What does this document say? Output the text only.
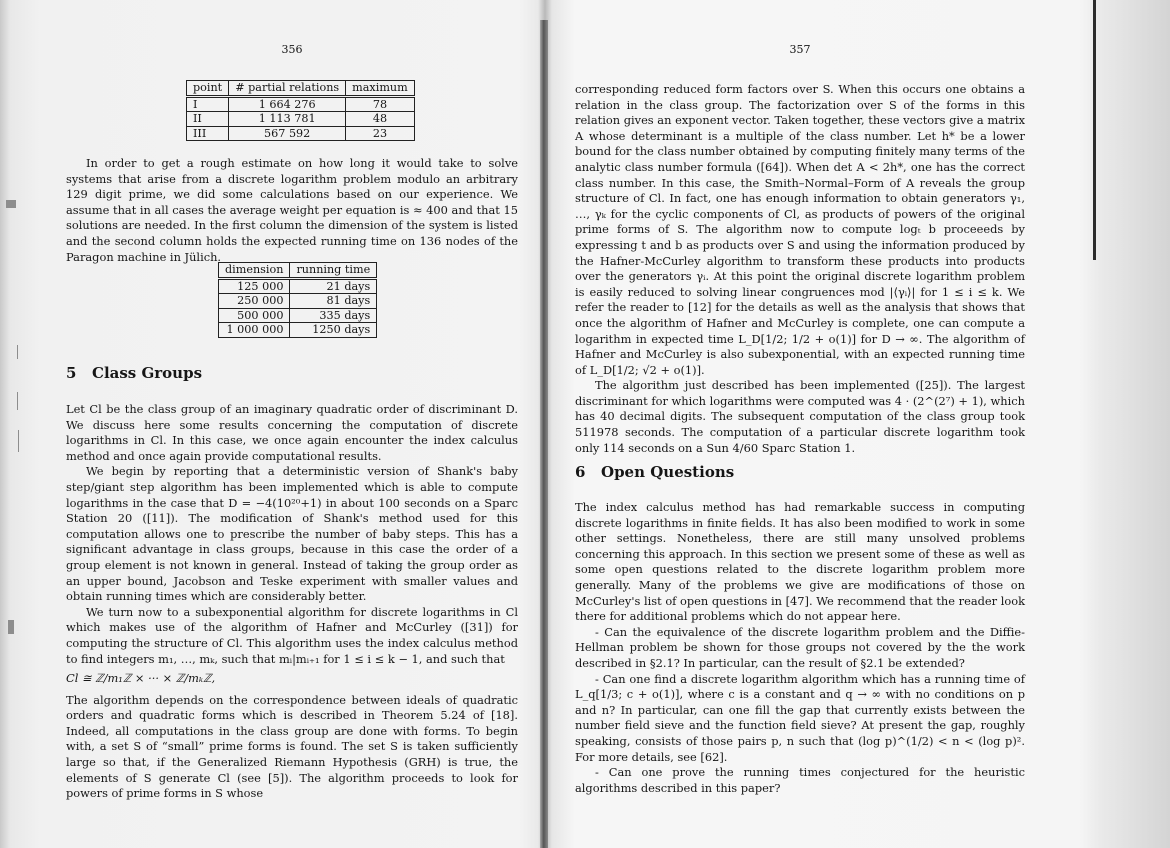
356
point	# partial relations	maximum
I	1 664 276	78
II	1 113 781	48
III	567 592	23

In order to get a rough estimate on how long it would take to solve systems that arise from a discrete logarithm problem modulo an arbitrary 129 digit prime, we did some calculations based on our experience. We assume that in all cases the average weight per equation is ≈ 400 and that 15 solutions are needed. In the first column the dimension of the system is listed and the second column holds the expected running time on 136 nodes of the Paragon machine in Jülich.

dimension	running time
125 000	21 days
250 000	81 days
500 000	335 days
1 000 000	1250 days
5 Class Groups

Let Cl be the class group of an imaginary quadratic order of discriminant D. We discuss here some results concerning the computation of discrete logarithms in Cl. In this case, we once again encounter the index calculus method and once again provide computational results.

We begin by reporting that a deterministic version of Shank's baby step/giant step algorithm has been implemented which is able to compute logarithms in the case that D = −4(10²⁰+1) in about 100 seconds on a Sparc Station 20 ([11]). The modification of Shank's method used for this computation allows one to prescribe the number of baby steps. This has a significant advantage in class groups, because in this case the order of a group element is not known in general. Instead of taking the group order as an upper bound, Jacobson and Teske experiment with smaller values and obtain running times which are considerably better.

We turn now to a subexponential algorithm for discrete logarithms in Cl which makes use of the algorithm of Hafner and McCurley ([31]) for computing the structure of Cl. This algorithm uses the index calculus method to find integers m₁, …, mₖ, such that mᵢ|mᵢ₊₁ for 1 ≤ i ≤ k − 1, and such that

Cl ≅ ℤ/m₁ℤ × ··· × ℤ/mₖℤ,

The algorithm depends on the correspondence between ideals of quadratic orders and quadratic forms which is described in Theorem 5.24 of [18]. Indeed, all computations in the class group are done with forms. To begin with, a set S of “small” prime forms is found. The set S is taken sufficiently large so that, if the Generalized Riemann Hypothesis (GRH) is true, the elements of S generate Cl (see [5]). The algorithm proceeds to look for powers of prime forms in S whose

357

corresponding reduced form factors over S. When this occurs one obtains a relation in the class group. The factorization over S of the forms in this relation gives an exponent vector. Taken together, these vectors give a matrix A whose determinant is a multiple of the class number. Let h* be a lower bound for the class number obtained by computing finitely many terms of the analytic class number formula ([64]). When det A < 2h*, one has the correct class number. In this case, the Smith–Normal–Form of A reveals the group structure of Cl. In fact, one has enough information to obtain generators γ₁, …, γₖ for the cyclic components of Cl, as products of powers of the original prime forms of S. The algorithm now to compute logₜ b proceeeds by expressing t and b as products over S and using the information produced by the Hafner-McCurley algorithm to transform these products into products over the generators γᵢ. At this point the original discrete logarithm problem is easily reduced to solving linear congruences mod |⟨γᵢ⟩| for 1 ≤ i ≤ k. We refer the reader to [12] for the details as well as the analysis that shows that once the algorithm of Hafner and McCurley is complete, one can compute a logarithm in expected time L_D[1/2; 1/2 + o(1)] for D → ∞. The algorithm of Hafner and McCurley is also subexponential, with an expected running time of L_D[1/2; √2 + o(1)].

The algorithm just described has been implemented ([25]). The largest discriminant for which logarithms were computed was 4 · (2^(2⁷) + 1), which has 40 decimal digits. The subsequent computation of the class group took 511978 seconds. The computation of a particular discrete logarithm took only 114 seconds on a Sun 4/60 Sparc Station 1.

6 Open Questions

The index calculus method has had remarkable success in computing discrete logarithms in finite fields. It has also been modified to work in some other settings. Nonetheless, there are still many unsolved problems concerning this approach. In this section we present some of these as well as some open questions related to the discrete logarithm problem more generally. Many of the problems we give are modifications of those on McCurley's list of open questions in [47]. We recommend that the reader look there for additional problems which do not appear here.

- Can the equivalence of the discrete logarithm problem and the Diffie-Hellman problem be shown for those groups not covered by the the work described in §2.1? In particular, can the result of §2.1 be extended?

- Can one find a discrete logarithm algorithm which has a running time of L_q[1/3; c + o(1)], where c is a constant and q → ∞ with no conditions on p and n? In particular, can one fill the gap that currently exists between the number field sieve and the function field sieve? At present the gap, roughly speaking, consists of those pairs p, n such that (log p)^(1/2) < n < (log p)². For more details, see [62].

- Can one prove the running times conjectured for the heuristic algorithms described in this paper?
